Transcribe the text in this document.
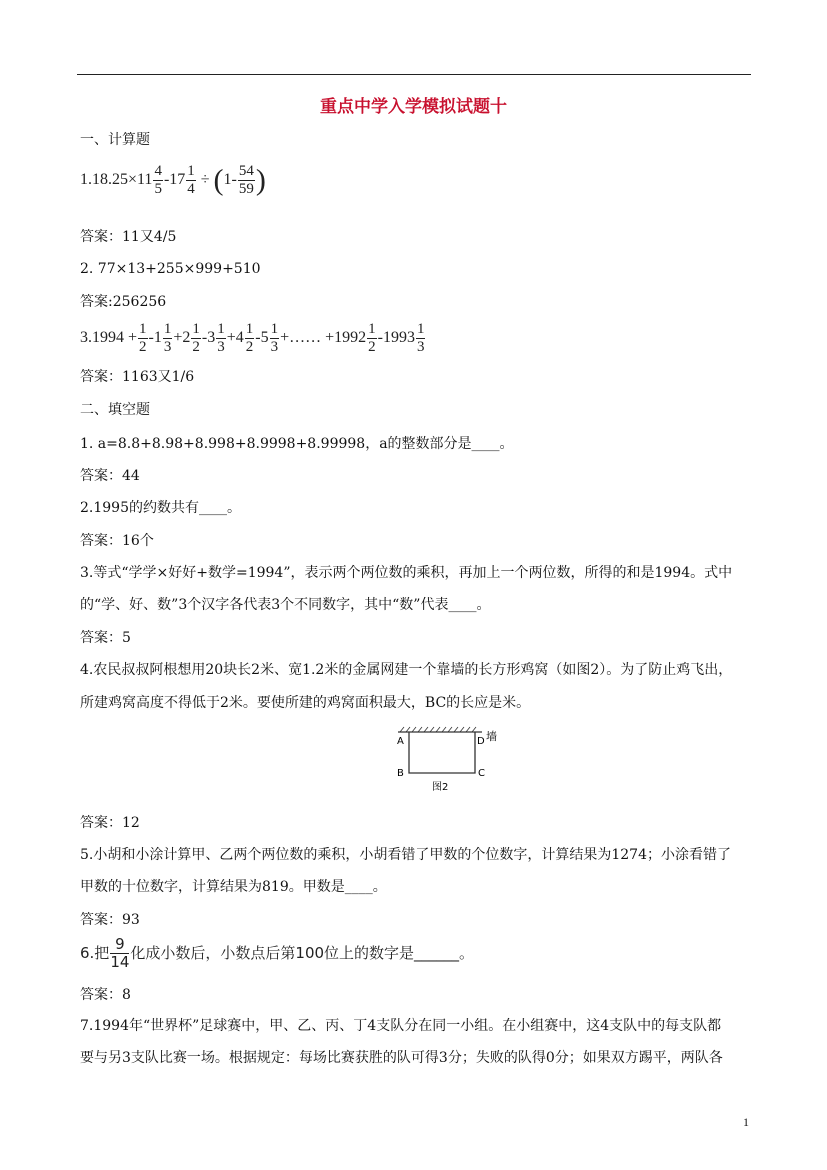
重点中学入学模拟试题十
一、计算题
$1.18.25\times 11 \frac{4}{5} -17 \frac{1}{4} \div (1- \frac{54}{59}$ )
答案：11又4/5
2. 77×13+255×999+510
答案:256256
$3.1994 + \frac{1}{2} -1 \frac{1}{3} +2 \frac{1}{2} -3 \frac{1}{3} +4 \frac{1}{2} -5 \frac{1}{3}$ +…… $+1992 \frac{1}{2} -1993 \frac{1}{3}$
答案：1163又1/6
二、填空题
1. a=8.8+8.98+8.998+8.9998+8.99998，a的整数部分是____。
答案：44
2.1995的约数共有____。
答案：16个
3.等式“学学×好好+数学=1994”，表示两个两位数的乘积，再加上一个两位数，所得的和是1994。式中
的“学、好、数”3个汉字各代表3个不同数字，其中“数”代表____。
答案：5
4.农民叔叔阿根想用20块长2米、宽1.2米的金属网建一个靠墙的长方形鸡窝（如图2）。为了防止鸡飞出，
所建鸡窝高度不得低于2米。要使所建的鸡窝面积最大，BC的长应是米。
A	D 墙
B	C
图2
答案：12
5.小胡和小涂计算甲、乙两个两位数的乘积，小胡看错了甲数的个位数字，计算结果为1274；小涂看错了
甲数的十位数字，计算结果为819。甲数是____。
答案：93
6.把 $\frac{9}{14}$ 化成小数后，小数点后第100位上的数字是______。
答案：8
7.1994年“世界杯”足球赛中，甲、乙、丙、丁4支队分在同一小组。在小组赛中，这4支队中的每支队都
要与另3支队比赛一场。根据规定：每场比赛获胜的队可得3分；失败的队得0分；如果双方踢平，两队各
1
